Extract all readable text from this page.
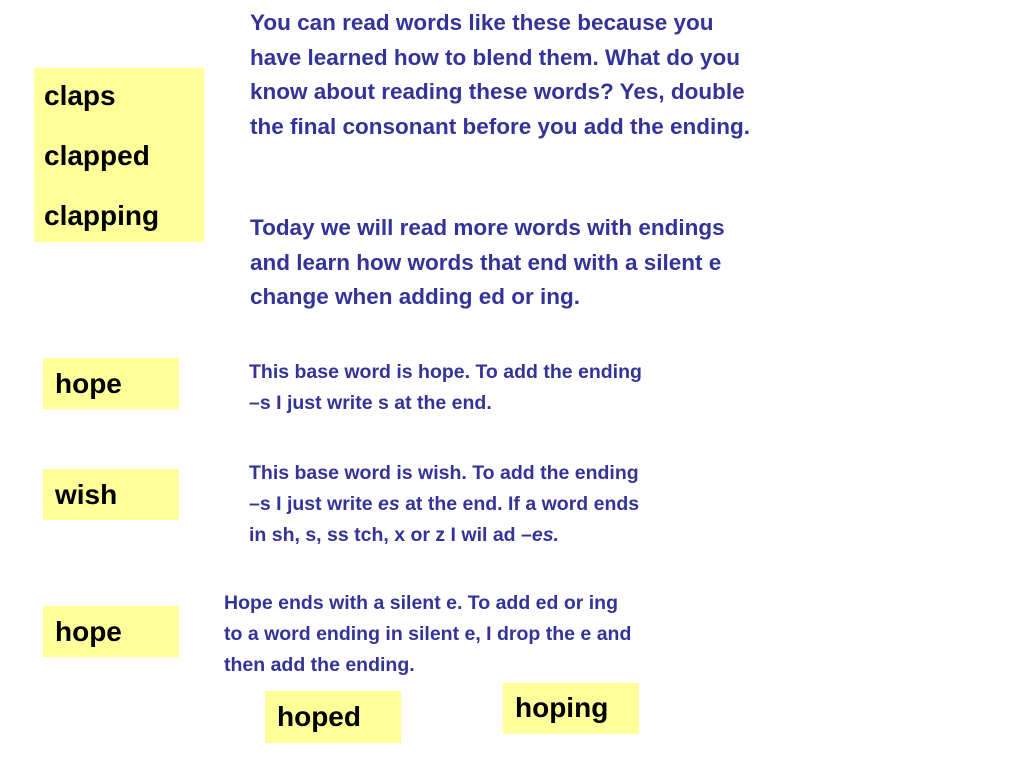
claps
clapped
clapping
hope
wish
hope
hoped	hoping
You can read words like these because you
have learned how to blend them. What do you
know about reading these words? Yes, double
the final consonant before you add the ending.
Today we will read more words with endings
and learn how words that end with a silent e
change when adding ed or ing.
This base word is hope. To add the ending
–s I just write s at the end.
This base word is wish. To add the ending
–s I just write es at the end. If a word ends
in sh, s, ss tch, x or z I wil ad –es.
Hope ends with a silent e. To add ed or ing
to a word ending in silent e, I drop the e and
then add the ending.
